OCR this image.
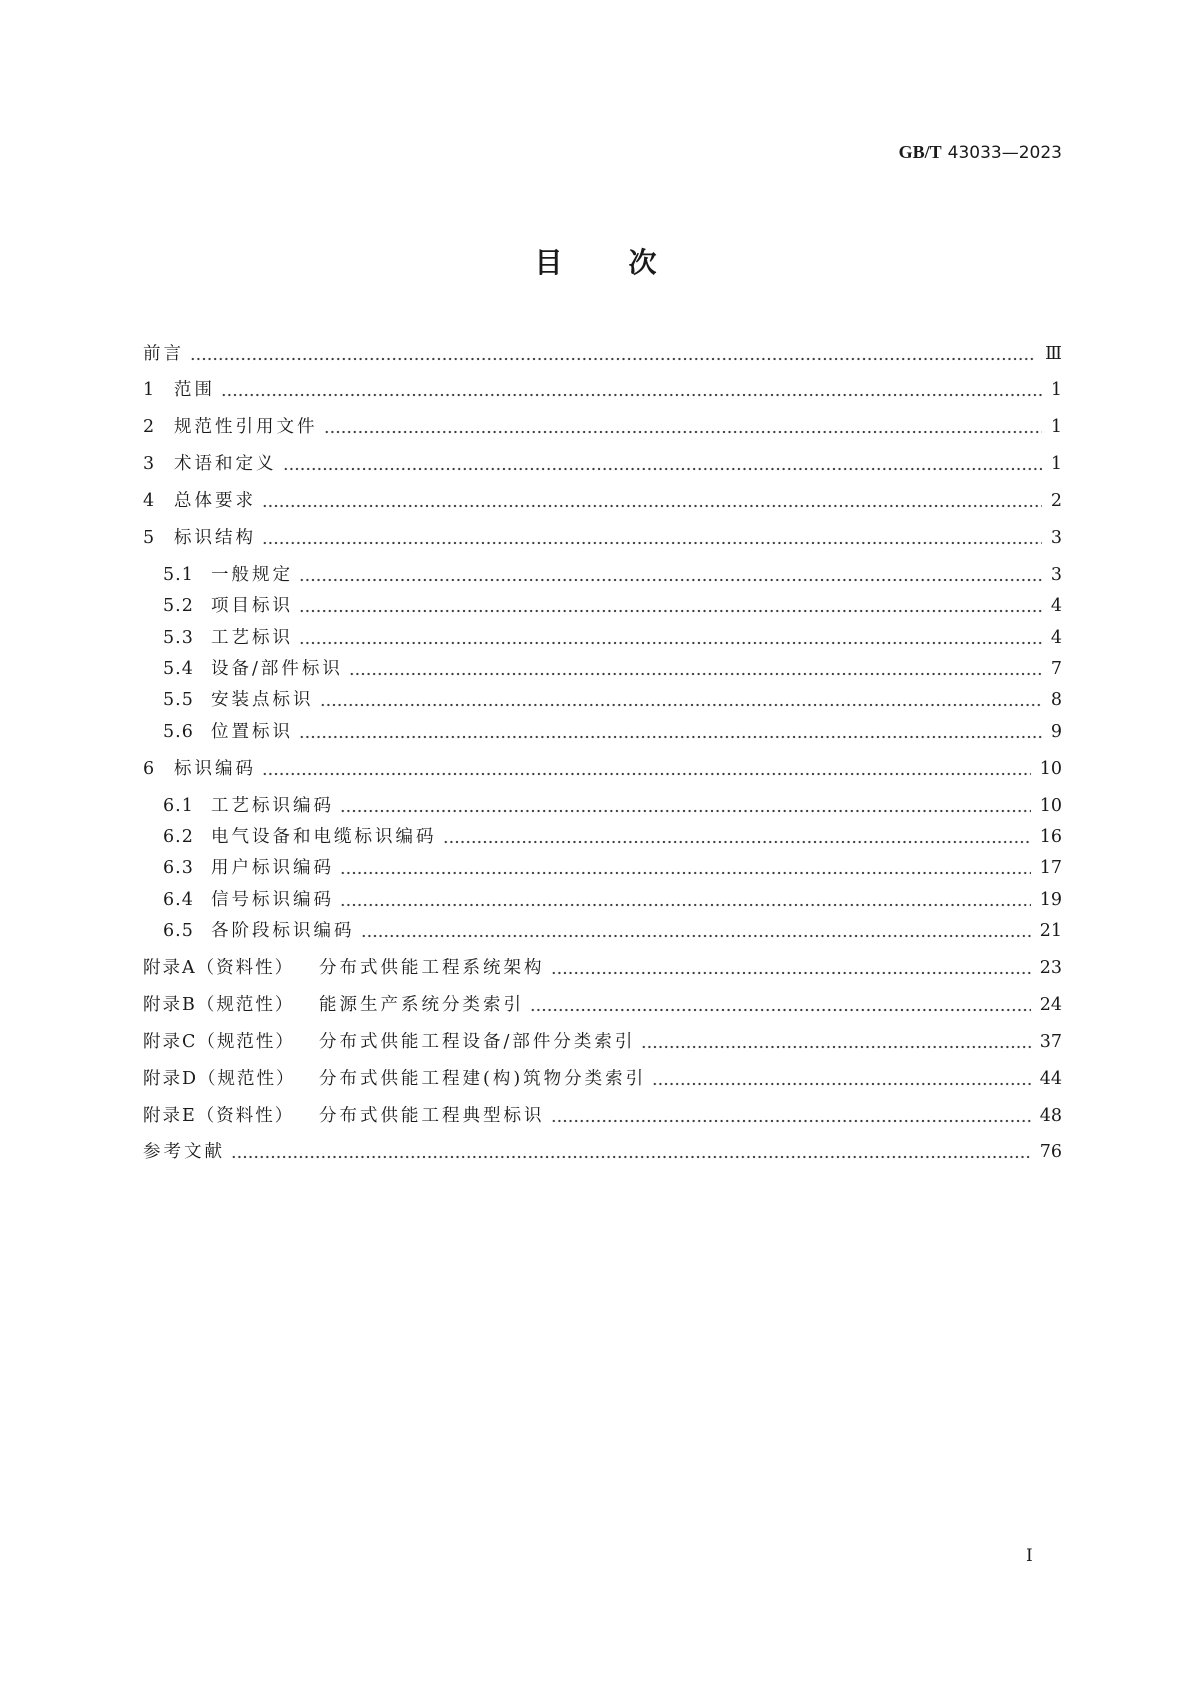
GB/T 43033—2023
目次
前言	Ⅲ
1	范围	1
2	规范性引用文件	1
3	术语和定义	1
4	总体要求	2
5	标识结构	3
5.1 一般规定	3
5.2 项目标识	4
5.3 工艺标识	4
5.4 设备/部件标识	7
5.5 安装点标识	8
5.6 位置标识	9
6	标识编码	10
6.1 工艺标识编码	10
6.2 电气设备和电缆标识编码	16
6.3 用户标识编码	17
6.4 信号标识编码	19
6.5 各阶段标识编码	21
附录A（资料性）	分布式供能工程系统架构	23
附录B（规范性）	能源生产系统分类索引	24
附录C（规范性）	分布式供能工程设备/部件分类索引	37
附录D（规范性）	分布式供能工程建(构)筑物分类索引	44
附录E（资料性）	分布式供能工程典型标识	48
参考文献	76
I
